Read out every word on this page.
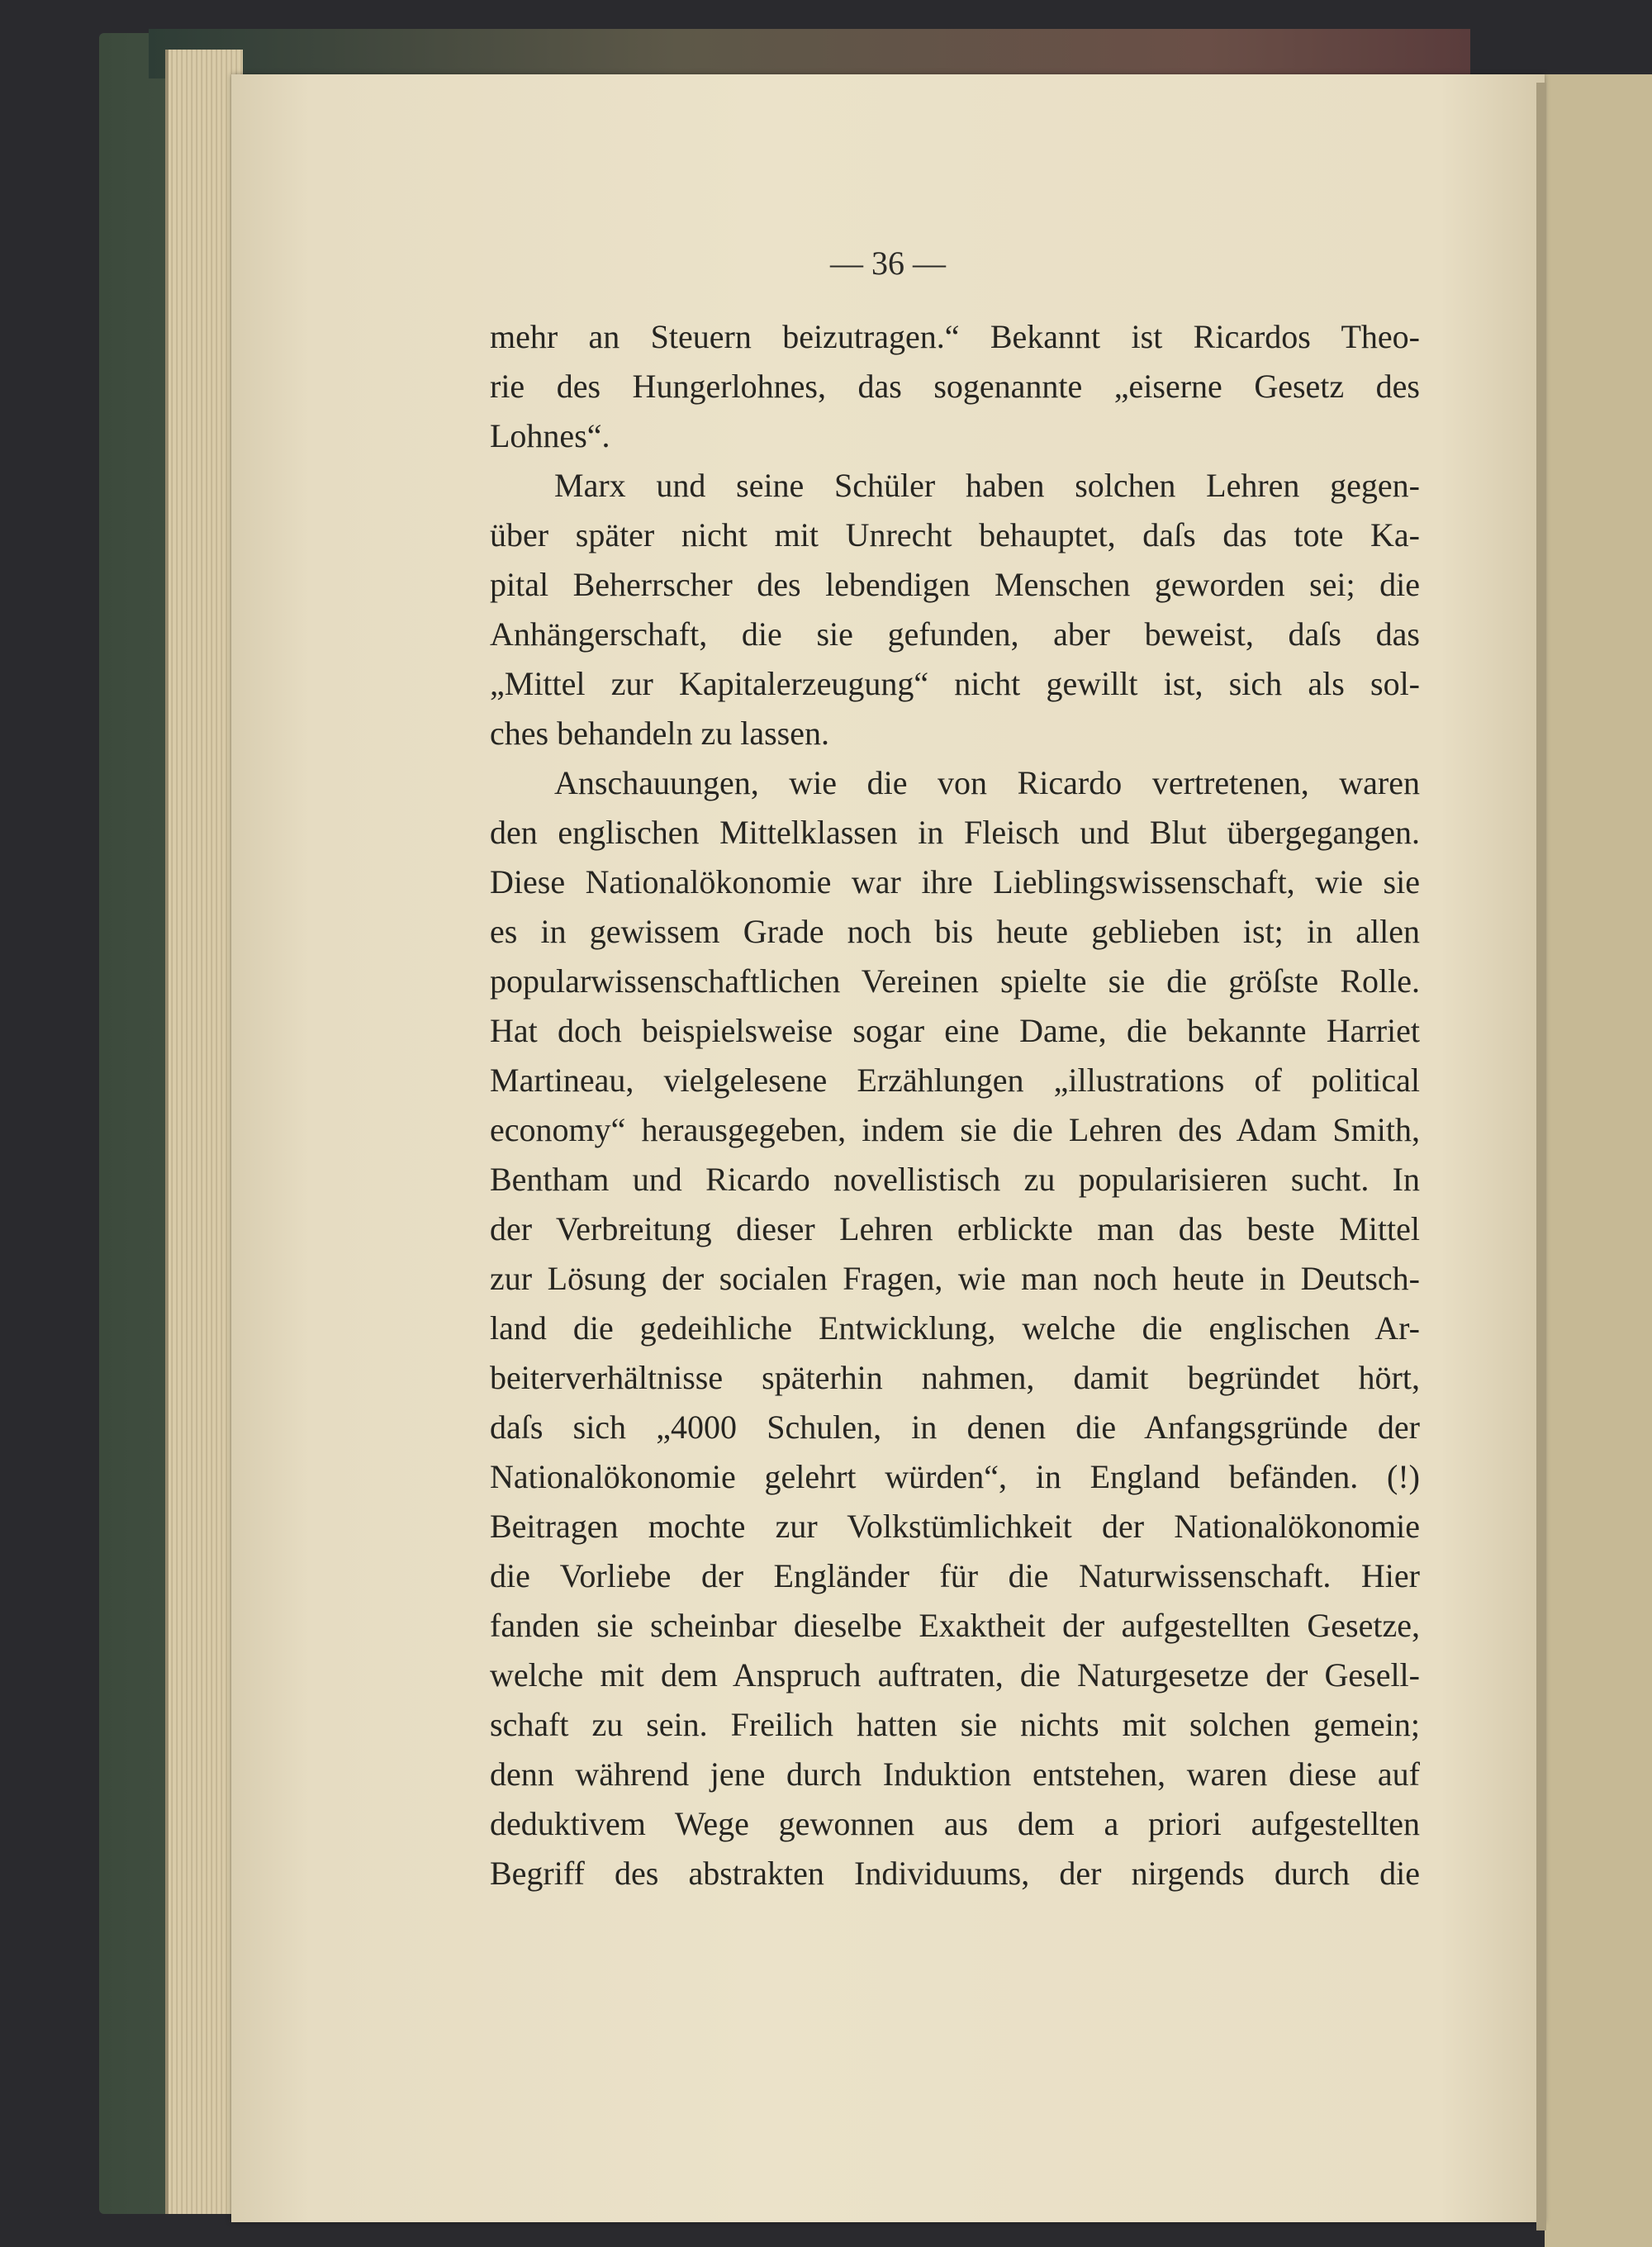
— 36 —
mehr an Steuern beizutragen.“ Bekannt ist Ricardos Theo-
rie des Hungerlohnes, das sogenannte „eiserne Gesetz des
Lohnes“.
Marx und seine Schüler haben solchen Lehren gegen-
über später nicht mit Unrecht behauptet, daſs das tote Ka-
pital Beherrscher des lebendigen Menschen geworden sei; die
Anhängerschaft, die sie gefunden, aber beweist, daſs das
„Mittel zur Kapitalerzeugung“ nicht gewillt ist, sich als sol-
ches behandeln zu lassen.
Anschauungen, wie die von Ricardo vertretenen, waren
den englischen Mittelklassen in Fleisch und Blut übergegangen.
Diese Nationalökonomie war ihre Lieblingswissenschaft, wie sie
es in gewissem Grade noch bis heute geblieben ist; in allen
popularwissenschaftlichen Vereinen spielte sie die gröſste Rolle.
Hat doch beispielsweise sogar eine Dame, die bekannte Harriet
Martineau, vielgelesene Erzählungen „illustrations of political
economy“ herausgegeben, indem sie die Lehren des Adam Smith,
Bentham und Ricardo novellistisch zu popularisieren sucht. In
der Verbreitung dieser Lehren erblickte man das beste Mittel
zur Lösung der socialen Fragen, wie man noch heute in Deutsch-
land die gedeihliche Entwicklung, welche die englischen Ar-
beiterverhältnisse späterhin nahmen, damit begründet hört,
daſs sich „4000 Schulen, in denen die Anfangsgründe der
Nationalökonomie gelehrt würden“, in England befänden. (!)
Beitragen mochte zur Volkstümlichkeit der Nationalökonomie
die Vorliebe der Engländer für die Naturwissenschaft. Hier
fanden sie scheinbar dieselbe Exaktheit der aufgestellten Gesetze,
welche mit dem Anspruch auftraten, die Naturgesetze der Gesell-
schaft zu sein. Freilich hatten sie nichts mit solchen gemein;
denn während jene durch Induktion entstehen, waren diese auf
deduktivem Wege gewonnen aus dem a priori aufgestellten
Begriff des abstrakten Individuums, der nirgends durch die
